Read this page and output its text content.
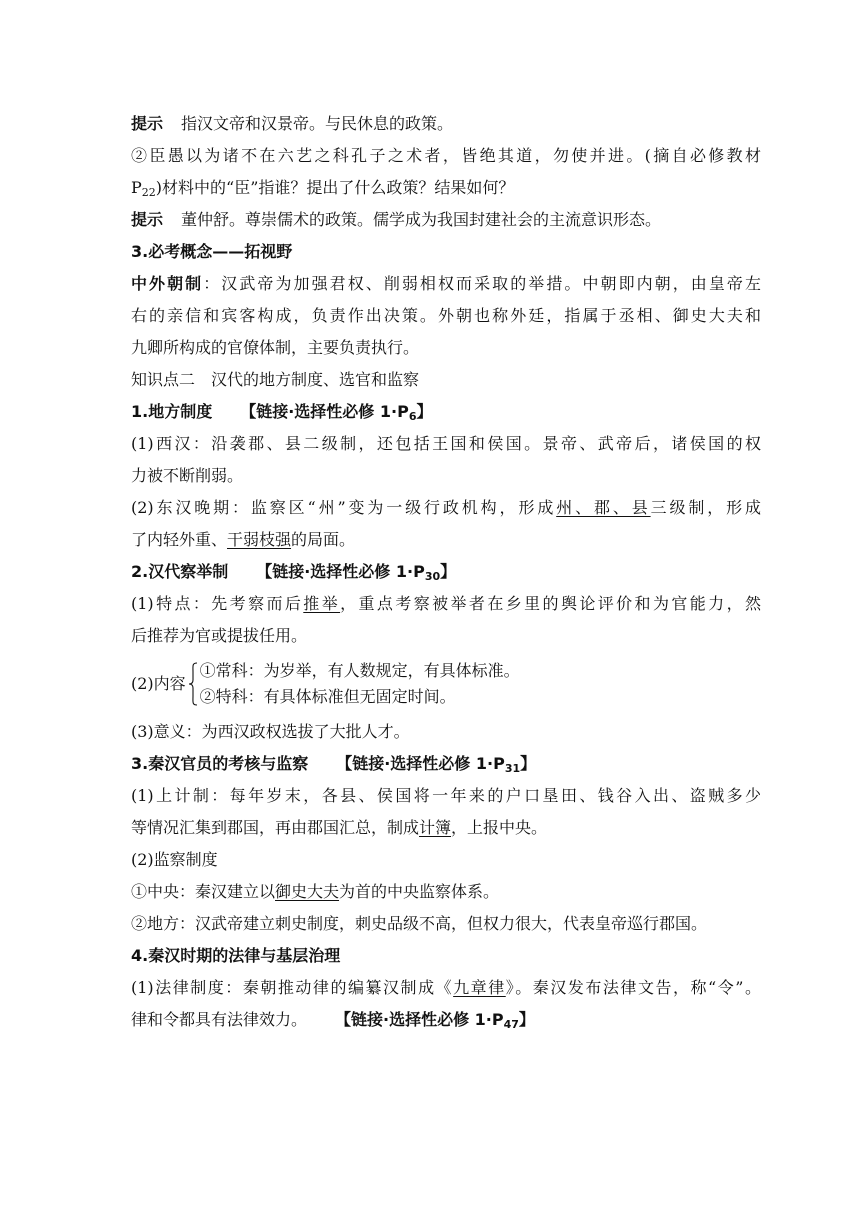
提示 指汉文帝和汉景帝。与民休息的政策。
②臣愚以为诸不在六艺之科孔子之术者，皆绝其道，勿使并进。(摘自必修教材
$P_{22}$)材料中的“臣”指谁？提出了什么政策？结果如何？
提示 董仲舒。尊崇儒术的政策。儒学成为我国封建社会的主流意识形态。
3.必考概念——拓视野
中外朝制：汉武帝为加强君权、削弱相权而采取的举措。中朝即内朝，由皇帝左
右的亲信和宾客构成，负责作出决策。外朝也称外廷，指属于丞相、御史大夫和
九卿所构成的官僚体制，主要负责执行。
知识点二　汉代的地方制度、选官和监察
1.地方制度 【链接·选择性必修 $1\cdot P_6$】
(1)西汉：沿袭郡、县二级制，还包括王国和侯国。景帝、武帝后，诸侯国的权
力被不断削弱。
(2)东汉晚期：监察区“州”变为一级行政机构，形成州、郡、县三级制，形成
了内轻外重、干弱枝强的局面。
2.汉代察举制 【链接·选择性必修 $1\cdot P_{30}$】
(1)特点：先考察而后推举，重点考察被举者在乡里的舆论评价和为官能力，然
后推荐为官或提拔任用。
(2)内容
①常科：为岁举，有人数规定，有具体标准。
②特科：有具体标准但无固定时间。
(3)意义：为西汉政权选拔了大批人才。
3.秦汉官员的考核与监察 【链接·选择性必修 $1\cdot P_{31}$】
(1)上计制：每年岁末，各县、侯国将一年来的户口垦田、钱谷入出、盗贼多少
等情况汇集到郡国，再由郡国汇总，制成计簿，上报中央。
(2)监察制度
①中央：秦汉建立以御史大夫为首的中央监察体系。
②地方：汉武帝建立刺史制度，刺史品级不高，但权力很大，代表皇帝巡行郡国。
4.秦汉时期的法律与基层治理
(1)法律制度：秦朝推动律的编纂汉制成《九章律》。秦汉发布法律文告，称“令”。
律和令都具有法律效力。 【链接·选择性必修 $1\cdot P_{47}$】
